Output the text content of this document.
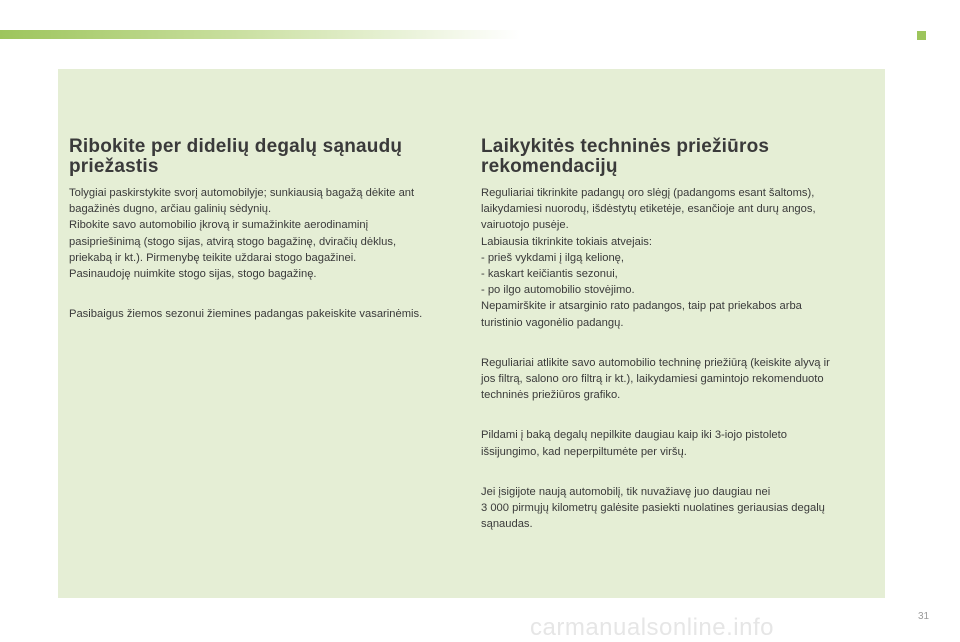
Ribokite per didelių degalų sąnaudų
priežastis

Tolygiai paskirstykite svorį automobilyje; sunkiausią bagažą dėkite ant
bagažinės dugno, arčiau galinių sėdynių.
Ribokite savo automobilio įkrovą ir sumažinkite aerodinaminį
pasipriešinimą (stogo sijas, atvirą stogo bagažinę, dviračių dėklus,
priekabą ir kt.). Pirmenybę teikite uždarai stogo bagažinei.
Pasinaudoję nuimkite stogo sijas, stogo bagažinę.

Pasibaigus žiemos sezonui žiemines padangas pakeiskite vasarinėmis.

Laikykitės techninės priežiūros
rekomendacijų

Reguliariai tikrinkite padangų oro slėgį (padangoms esant šaltoms),
laikydamiesi nuorodų, išdėstytų etiketėje, esančioje ant durų angos,
vairuotojo pusėje.
Labiausia tikrinkite tokiais atvejais:
- prieš vykdami į ilgą kelionę,
- kaskart keičiantis sezonui,
- po ilgo automobilio stovėjimo.
Nepamirškite ir atsarginio rato padangos, taip pat priekabos arba
turistinio vagonėlio padangų.

Reguliariai atlikite savo automobilio techninę priežiūrą (keiskite alyvą ir
jos filtrą, salono oro filtrą ir kt.), laikydamiesi gamintojo rekomenduoto
techninės priežiūros grafiko.

Pildami į baką degalų nepilkite daugiau kaip iki 3-iojo pistoleto
išsijungimo, kad neperpiltumėte per viršų.

Jei įsigijote naują automobilį, tik nuvažiavę juo daugiau nei
3 000 pirmųjų kilometrų galėsite pasiekti nuolatines geriausias degalų
sąnaudas.

carmanualsonline.info	31
